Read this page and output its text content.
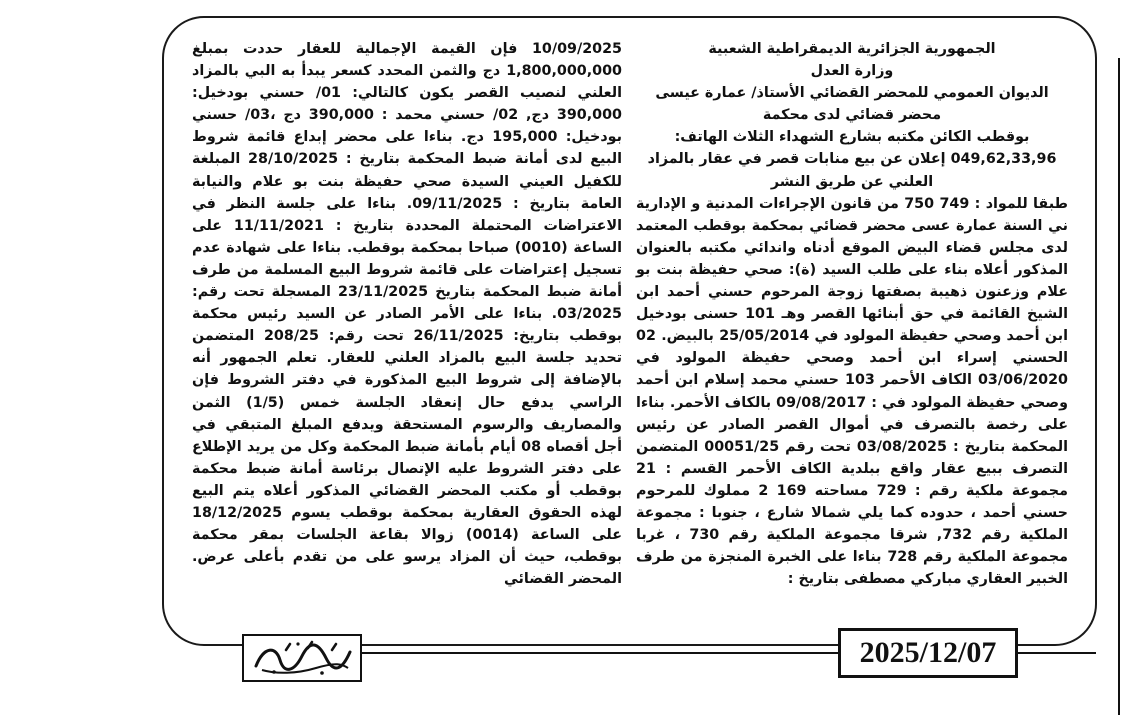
الجمهورية الجزائرية الديمقراطية الشعبية

وزارة العدل

الديوان العمومي للمحضر القضائي الأستاذ/ عمارة عيسى

محضر قضائي لدى محكمة

بوقطب الكائن مكتبه بشارع الشهداء الثلاث الهاتف:

049,62,33,96 إعلان عن بيع منابات قصر في عقار بالمزاد

العلني عن طريق النشر

طبقا للمواد : 749 750 من قانون الإجراءات المدنية و الإدارية ني السنة عمارة عسى محضر قضائي بمحكمة بوقطب المعتمد لدى مجلس قضاء البيض الموقع أدناه واندائي مكتبه بالعنوان المذكور أعلاه بناء على طلب السيد (ة): صحي حفيظة بنت بو علام وزعنون ذهيبة بصفتها زوجة المرحوم حسني أحمد ابن الشيخ القائمة في حق أبنائها القصر وهـ 101 حسنى بودخيل ابن أحمد وصحي حفيظة المولود في 25/05/2014 بالبيض. 02 الحسني إسراء ابن أحمد وصحي حفيظة المولود في 03/06/2020 الكاف الأحمر 103 حسني محمد إسلام ابن أحمد وصحي حفيظة المولود في : 09/08/2017 بالكاف الأحمر. بناءا على رخصة بالتصرف في أموال القصر الصادر عن رئيس المحكمة بتاريخ : 03/08/2025 تحت رقم 00051/25 المتضمن التصرف ببيع عقار واقع ببلدية الكاف الأحمر القسم : 21 مجموعة ملكية رقم : 729 مساحته 169 2 مملوك للمرحوم حسني أحمد ، حدوده كما يلي شمالا شارع ، جنوبا : مجموعة الملكية رقم 732, شرقا مجموعة الملكية رقم 730 ، غربا مجموعة الملكية رقم 728 بناءا على الخبرة المنجزة من طرف الخبير العقاري مباركي مصطفى بتاريخ :

10/09/2025 فإن القيمة الإجمالية للعقار حددت بمبلغ 1,800,000,000 دج والثمن المحدد كسعر يبدأ به البي بالمزاد العلني لنصيب القصر يكون كالتالي: 01/ حسني بودخيل: 390,000 دج, 02/ حسني محمد : 390,000 دج ،03/ حسني بودخيل: 195,000 دج. بناءا على محضر إبداع قائمة شروط البيع لدى أمانة ضبط المحكمة بتاريخ : 28/10/2025 المبلغة للكفيل العيني السيدة صحي حفيظة بنت بو علام والنيابة العامة بتاريخ : 09/11/2025. بناءا على جلسة النظر في الاعتراضات المحتملة المحددة بتاريخ : 11/11/2021 على الساعة (0010) صباحا بمحكمة بوقطب. بناءا على شهادة عدم تسجيل إعتراضات على قائمة شروط البيع المسلمة من طرف أمانة ضبط المحكمة بتاريخ 23/11/2025 المسجلة تحت رقم: 03/2025. بناءا على الأمر الصادر عن السيد رئيس محكمة بوقطب بتاريخ: 26/11/2025 تحت رقم: 208/25 المتضمن تحديد جلسة البيع بالمزاد العلني للعقار. تعلم الجمهور أنه بالإضافة إلى شروط البيع المذكورة في دفتر الشروط فإن الراسي يدفع حال إنعقاد الجلسة خمس (1/5) الثمن والمصاريف والرسوم المستحقة ويدفع المبلغ المتبقي في أجل أقصاه 08 أيام بأمانة ضبط المحكمة وكل من يريد الإطلاع على دفتر الشروط عليه الإتصال برئاسة أمانة ضبط محكمة بوقطب أو مكتب المحضر القضائي المذكور أعلاه يتم البيع لهذه الحقوق العقارية بمحكمة بوقطب يسوم 18/12/2025 على الساعة (0014) زوالا بقاعة الجلسات بمقر محكمة بوقطب، حيث أن المزاد يرسو على من تقدم بأعلى عرض. المحضر القضائي

2025/12/07
